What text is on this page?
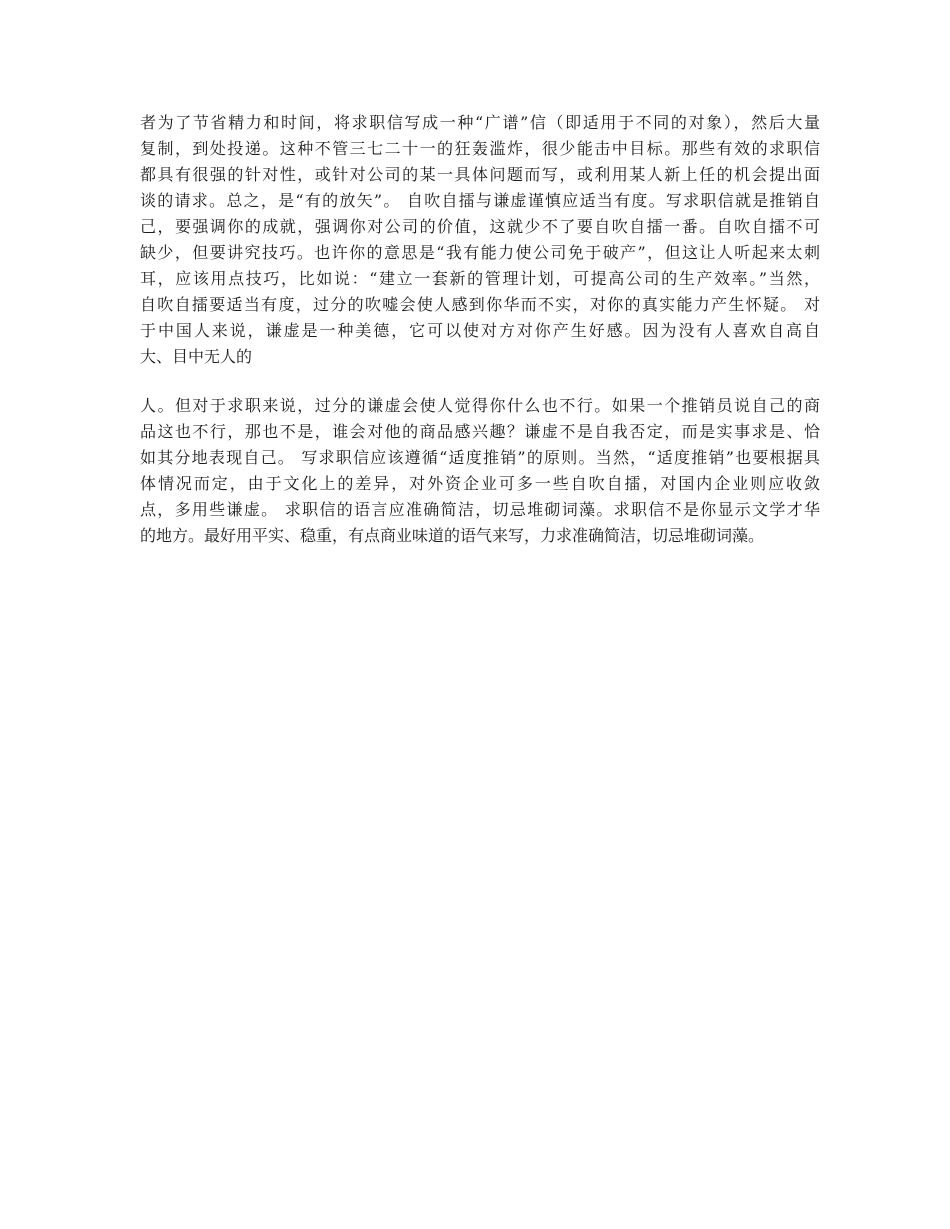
者为了节省精力和时间，将求职信写成一种“广谱”信（即适用于不同的对象），然后大量
复制，到处投递。这种不管三七二十一的狂轰滥炸，很少能击中目标。那些有效的求职信
都具有很强的针对性，或针对公司的某一具体问题而写，或利用某人新上任的机会提出面
谈的请求。总之，是“有的放矢”。 自吹自擂与谦虚谨慎应适当有度。写求职信就是推销自
己，要强调你的成就，强调你对公司的价值，这就少不了要自吹自擂一番。自吹自擂不可
缺少，但要讲究技巧。也许你的意思是“我有能力使公司免于破产”，但这让人听起来太刺
耳，应该用点技巧，比如说：“建立一套新的管理计划，可提高公司的生产效率。”当然，
自吹自擂要适当有度，过分的吹嘘会使人感到你华而不实，对你的真实能力产生怀疑。 对
于中国人来说，谦虚是一种美德，它可以使对方对你产生好感。因为没有人喜欢自高自
大、目中无人的
人。但对于求职来说，过分的谦虚会使人觉得你什么也不行。如果一个推销员说自己的商
品这也不行，那也不是，谁会对他的商品感兴趣？谦虚不是自我否定，而是实事求是、恰
如其分地表现自己。 写求职信应该遵循“适度推销”的原则。当然，“适度推销”也要根据具
体情况而定，由于文化上的差异，对外资企业可多一些自吹自擂，对国内企业则应收敛
点，多用些谦虚。 求职信的语言应准确简洁，切忌堆砌词藻。求职信不是你显示文学才华
的地方。最好用平实、稳重，有点商业味道的语气来写，力求准确简洁，切忌堆砌词藻。
